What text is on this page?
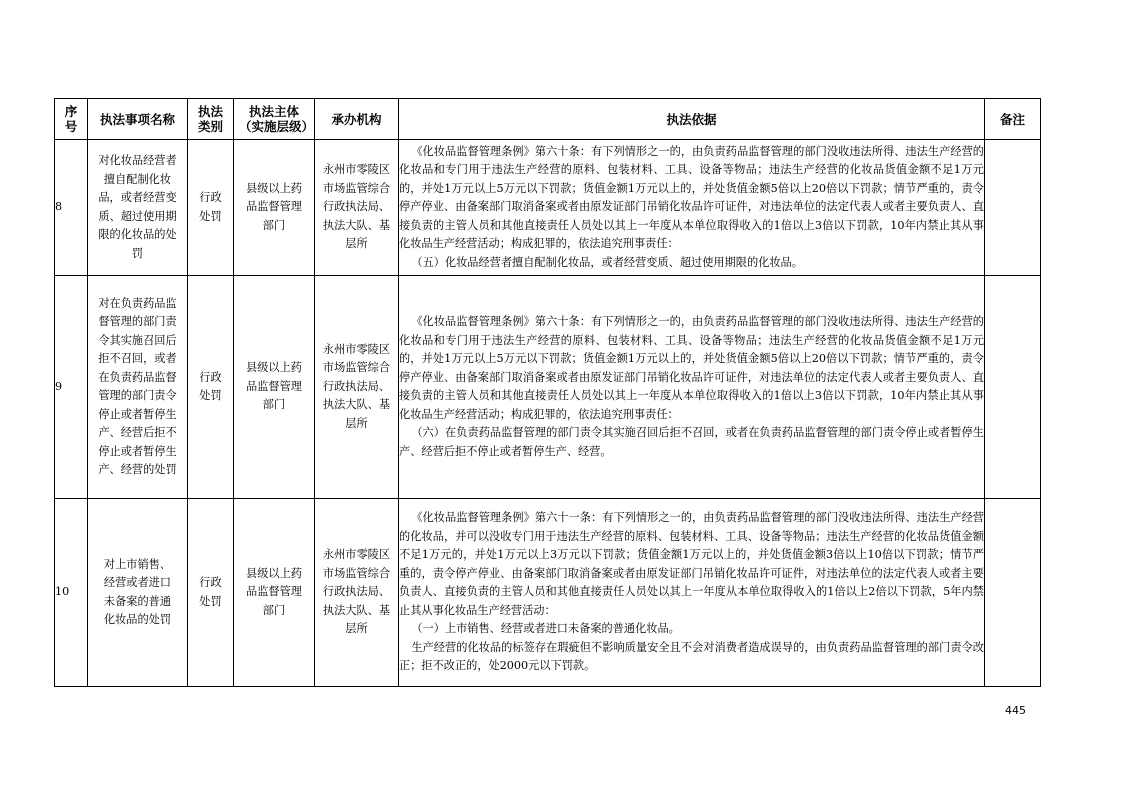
序号	执法事项名称	执法类别	执法主体（实施层级）	承办机构	执法依据	备注
8	对化妆品经营者擅自配制化妆品，或者经营变质、超过使用期限的化妆品的处罚	行政处罚	县级以上药品监督管理部门	永州市零陵区市场监管综合行政执法局、执法大队、基层所	《化妆品监督管理条例》第六十条：有下列情形之一的，由负责药品监督管理的部门没收违法所得、违法生产经营的化妆品和专门用于违法生产经营的原料、包装材料、工具、设备等物品；违法生产经营的化妆品货值金额不足1万元的，并处1万元以上5万元以下罚款；货值金额1万元以上的，并处货值金额5倍以上20倍以下罚款；情节严重的，责令停产停业、由备案部门取消备案或者由原发证部门吊销化妆品许可证件，对违法单位的法定代表人或者主要负责人、直接负责的主管人员和其他直接责任人员处以其上一年度从本单位取得收入的1倍以上3倍以下罚款，10年内禁止其从事化妆品生产经营活动；构成犯罪的，依法追究刑事责任：

（五）化妆品经营者擅自配制化妆品，或者经营变质、超过使用期限的化妆品。	

9	对在负责药品监督管理的部门责令其实施召回后拒不召回，或者在负责药品监督管理的部门责令停止或者暂停生产、经营后拒不停止或者暂停生产、经营的处罚	行政处罚	县级以上药品监督管理部门	永州市零陵区市场监管综合行政执法局、执法大队、基层所	《化妆品监督管理条例》第六十条：有下列情形之一的，由负责药品监督管理的部门没收违法所得、违法生产经营的化妆品和专门用于违法生产经营的原料、包装材料、工具、设备等物品；违法生产经营的化妆品货值金额不足1万元的，并处1万元以上5万元以下罚款；货值金额1万元以上的，并处货值金额5倍以上20倍以下罚款；情节严重的，责令停产停业、由备案部门取消备案或者由原发证部门吊销化妆品许可证件，对违法单位的法定代表人或者主要负责人、直接负责的主管人员和其他直接责任人员处以其上一年度从本单位取得收入的1倍以上3倍以下罚款，10年内禁止其从事化妆品生产经营活动；构成犯罪的，依法追究刑事责任：

（六）在负责药品监督管理的部门责令其实施召回后拒不召回，或者在负责药品监督管理的部门责令停止或者暂停生产、经营后拒不停止或者暂停生产、经营。	

10	对上市销售、经营或者进口未备案的普通化妆品的处罚	行政处罚	县级以上药品监督管理部门	永州市零陵区市场监管综合行政执法局、执法大队、基层所	《化妆品监督管理条例》第六十一条：有下列情形之一的，由负责药品监督管理的部门没收违法所得、违法生产经营的化妆品，并可以没收专门用于违法生产经营的原料、包装材料、工具、设备等物品；违法生产经营的化妆品货值金额不足1万元的，并处1万元以上3万元以下罚款；货值金额1万元以上的，并处货值金额3倍以上10倍以下罚款；情节严重的，责令停产停业、由备案部门取消备案或者由原发证部门吊销化妆品许可证件，对违法单位的法定代表人或者主要负责人、直接负责的主管人员和其他直接责任人员处以其上一年度从本单位取得收入的1倍以上2倍以下罚款，5年内禁止其从事化妆品生产经营活动：

（一）上市销售、经营或者进口未备案的普通化妆品。

生产经营的化妆品的标签存在瑕疵但不影响质量安全且不会对消费者造成误导的，由负责药品监督管理的部门责令改正；拒不改正的，处2000元以下罚款。	

445
